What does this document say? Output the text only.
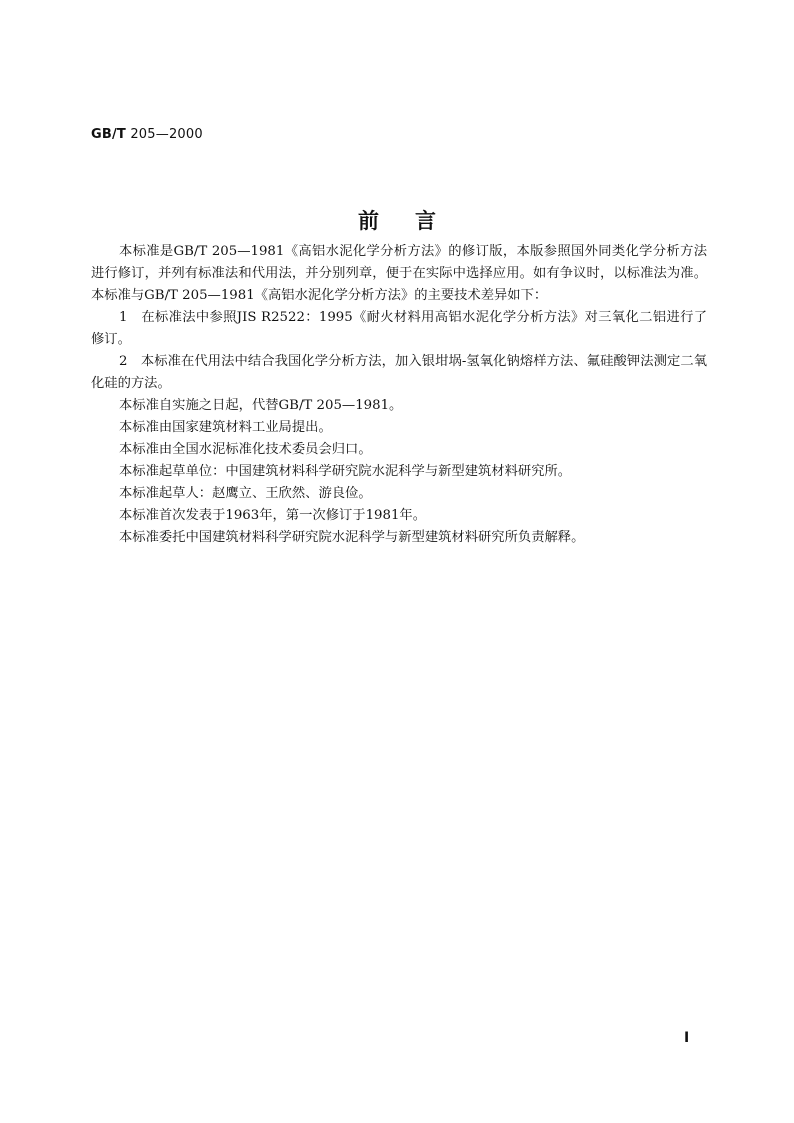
GB/T 205—2000
前言

本标准是GB/T 205—1981《高铝水泥化学分析方法》的修订版，本版参照国外同类化学分析方法进行修订，并列有标准法和代用法，并分别列章，便于在实际中选择应用。如有争议时，以标准法为准。本标准与GB/T 205—1981《高铝水泥化学分析方法》的主要技术差异如下：

1　在标准法中参照JIS R2522：1995《耐火材料用高铝水泥化学分析方法》对三氧化二铝进行了修订。

2　本标准在代用法中结合我国化学分析方法，加入银坩埚-氢氧化钠熔样方法、氟硅酸钾法测定二氧化硅的方法。

本标准自实施之日起，代替GB/T 205—1981。

本标准由国家建筑材料工业局提出。

本标准由全国水泥标准化技术委员会归口。

本标准起草单位：中国建筑材料科学研究院水泥科学与新型建筑材料研究所。

本标准起草人：赵鹰立、王欣然、游良俭。

本标准首次发表于1963年，第一次修订于1981年。

本标准委托中国建筑材料科学研究院水泥科学与新型建筑材料研究所负责解释。

I
